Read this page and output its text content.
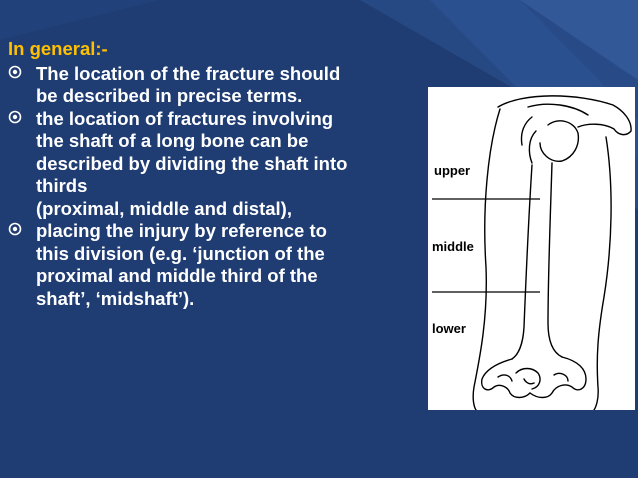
In general:-
The location of the fracture should
be described in precise terms.
the location of fractures involving
the shaft of a long bone can be
described by dividing the shaft into
thirds
(proximal, middle and distal),
placing the injury by reference to
this division (e.g. ‘junction of the
proximal and middle third of the
shaft’, ‘midshaft’).
upper
middle
lower
